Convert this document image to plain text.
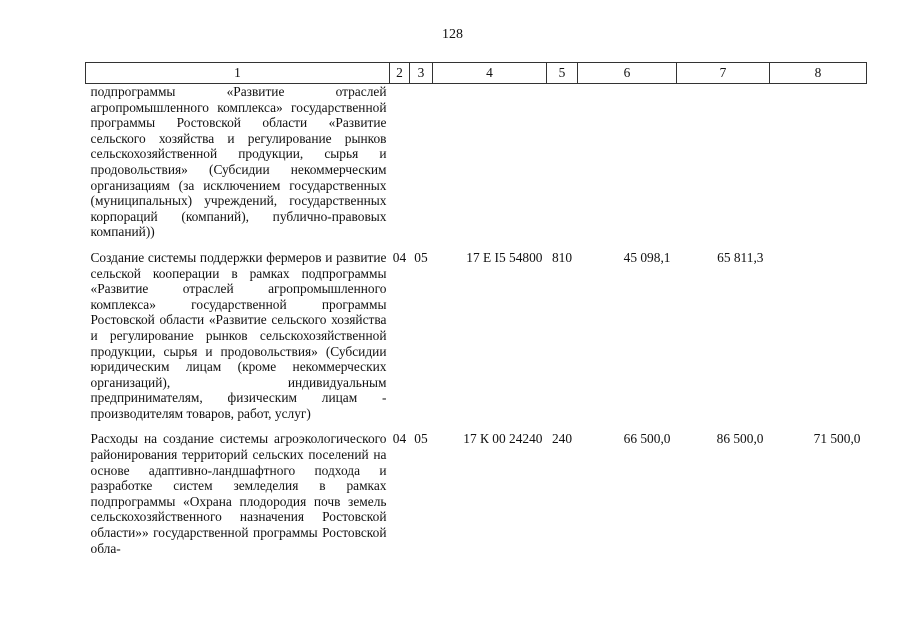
128
1	2	3	4	5	6	7	8
подпрограммы «Развитие отраслей агропромышленного комплекса» государственной программы Ростовской области «Развитие сельского хозяйства и регулирование рынков сельскохозяйственной продукции, сырья и продовольствия» (Субсидии некоммерческим организациям (за исключением государственных (муниципальных) учреждений, государственных корпораций (компаний), публично-правовых компаний))							
Создание системы поддержки фермеров и развитие сельской кооперации в рамках подпрограммы «Развитие отраслей агропромышленного комплекса» государственной программы Ростовской области «Развитие сельского хозяйства и регулирование рынков сельскохозяйственной продукции, сырья и продовольствия» (Субсидии юридическим лицам (кроме некоммерческих организаций), индивидуальным предпринимателям, физическим лицам - производителям товаров, работ, услуг)	04	05	17 E I5 54800	810	45 098,1	65 811,3	
Расходы на создание системы агроэкологического районирования территорий сельских поселений на основе адаптивно-ландшафтного подхода и разработке систем земледелия в рамках подпрограммы «Охрана плодородия почв земель сельскохозяйственного назначения Ростовской области»» государственной программы Ростовской обла-	04	05	17 К 00 24240	240	66 500,0	86 500,0	71 500,0
